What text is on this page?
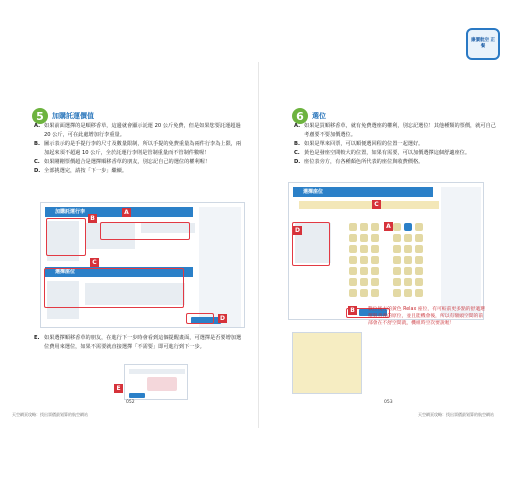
廉價航空 正餐
5	加購託運價值
A. 如果前面選擇的是順移香草，這邊就會顯示託運 20 公斤免費，但是如果您要託運超過 20 公斤，可在此處增加行李重量。
B. 圖示表示的是手提行李的尺寸及數量限制，所以手提的免費重量為兩件行李為上限，兩加起來須不超過 10 公斤，全於託運行李則是管制重量而不管制件數喔！
C. 如果剛剛票價超合是選擇順移香草的朋友，別忘記自己的選位的權利喔！
D. 全部挑選完，請按「下一步」繼續。
加購託運行李
選擇座位
A
B
C
D
E. 如果選擇順移香草的朋友，在進行下一步時會看到這個提醒畫面，可選擇是否要增加選位費用來選位，如果不需要就直接選擇「不需要」即可進行到下一步。
E
052
天空網頁攻略：找出票價最划算的航空網站
6	選位
A. 如果是買順移香草，就有免費選座的權利，別忘記選位！其他種類的票價，就可自己考慮要不要加價選位。
B. 如果是單來回票，可以順便選回程的位置一起選好。
C. 黃色是發座空間較大的位置，如果有需要，可以加價選擇這個舒適座位。
D. 座位表旁方，有各種顏色所代表的座位與收費價格。
選擇座位
A
B
C
D
數位後方的黃色 Relax 座位，有可較前更多點的舒適選擇與意義的原位，並且能機會後，所以有額頭空間的前部會在不舒空間就，機組時空次要說喔！
053
天空網頁攻略：找出票價最划算的航空網站
